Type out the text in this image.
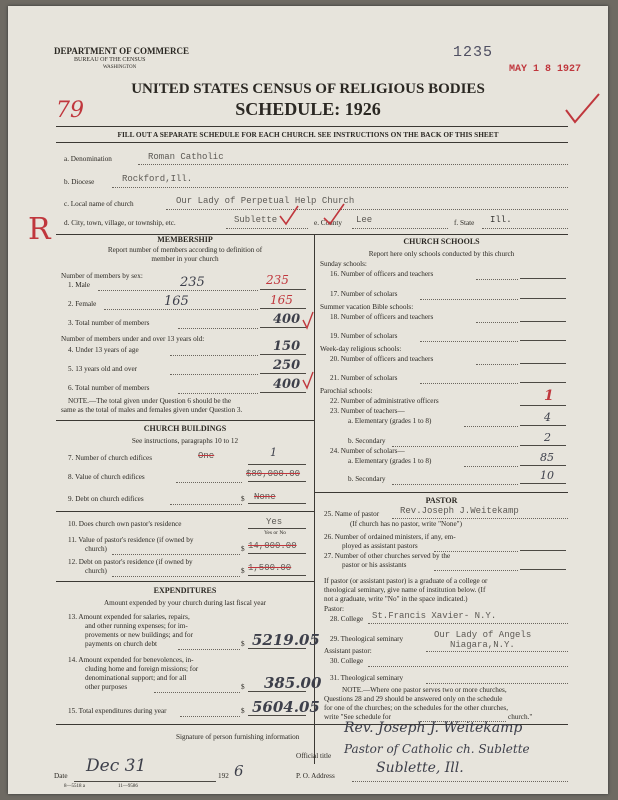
DEPARTMENT OF COMMERCE
BUREAU OF THE CENSUS
WASHINGTON
1235
MAY 1 8 1927
79
UNITED STATES CENSUS OF RELIGIOUS BODIES
SCHEDULE: 1926
FILL OUT A SEPARATE SCHEDULE FOR EACH CHURCH. SEE INSTRUCTIONS ON THE BACK OF THIS SHEET
R
a. Denomination	Roman Catholic
b. Diocese	Rockford,Ill.
c. Local name of church	Our Lady of Perpetual Help Church
d. City, town, village, or township, etc.	Sublette	e. County Lee	f. State Ill.
MEMBERSHIP
Report number of members according to definition of
member in your church
Number of members by sex:
1. Male	235	235
2. Female	165	165
3. Total number of members	400
Number of members under and over 13 years old:
4. Under 13 years of age	150
5. 13 years old and over	250
6. Total number of members	400
NOTE.—The total given under Question 6 should be the
same as the total of males and females given under Question 3.
CHURCH BUILDINGS
See instructions, paragraphs 10 to 12
7. Number of church edifices	One	1
8. Value of church edifices	$80,000.00
9. Debt on church edifices	$ None
10. Does church own pastor's residence	Yes
Yes or No
11. Value of pastor's residence (if owned by
church)	$ 14,000.00
12. Debt on pastor's residence (if owned by
church)	$ 1,500.00
EXPENDITURES
Amount expended by your church during last fiscal year
13. Amount expended for salaries, repairs,
and other running expenses; for im-
provements or new buildings; and for
payments on church debt	$ 5219.05
14. Amount expended for benevolences, in-
cluding home and foreign missions; for
denominational support; and for all
other purposes	$ 385.00
15. Total expenditures during year	$ 5604.05
CHURCH SCHOOLS
Report here only schools conducted by this church
Sunday schools:
16. Number of officers and teachers
17. Number of scholars
Summer vacation Bible schools:
18. Number of officers and teachers
19. Number of scholars
Week-day religious schools:
20. Number of officers and teachers
21. Number of scholars
Parochial schools:
22. Number of administrative officers	1
23. Number of teachers—
a. Elementary (grades 1 to 8)	4
b. Secondary	2
24. Number of scholars—
a. Elementary (grades 1 to 8)	85
b. Secondary	10
PASTOR
25. Name of pastor Rev.Joseph J.Weitekamp
(If church has no pastor, write "None")
26. Number of ordained ministers, if any, em-
ployed as assistant pastors
27. Number of other churches served by the
pastor or his assistants
If pastor (or assistant pastor) is a graduate of a college or
theological seminary, give name of institution below. (If
not a graduate, write "No" in the space indicated.)
Pastor:
28. College St.Francis Xavier- N.Y.
29. Theological seminary	Our Lady of Angels
Niagara,N.Y.
Assistant pastor:
30. College
31. Theological seminary
NOTE.—Where one pastor serves two or more churches,
Questions 28 and 29 should be answered only on the schedule
for one of the churches; on the schedules for the other churches,
write "See schedule for	church."
Signature of person furnishing information
Rev. Joseph J. Weitekamp
Official title Pastor of Catholic ch. Sublette
Date Dec 31	192 6	P. O. Address	Sublette, Ill.
8—5518 a	11—9586
